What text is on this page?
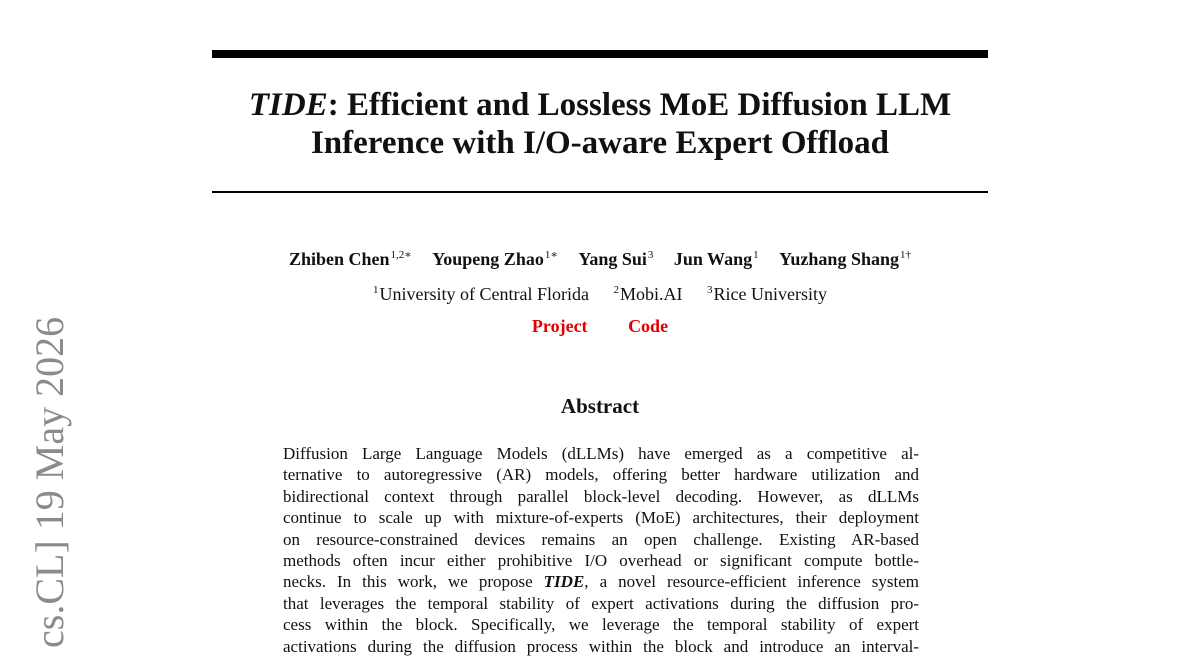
TIDE: Efficient and Lossless MoE Diffusion LLM
Inference with I/O-aware Expert Offload
Zhiben Chen$^{1,2∗}$ Youpeng Zhao$^{1∗}$ Yang Sui$^3$ Jun Wang$^1$ Yuzhang Shang$^{1\dagger}$
$^1$University of Central Florida $^2$Mobi.AI $^3$Rice University
Project Code
Abstract
Diffusion Large Language Models (dLLMs) have emerged as a competitive al-
ternative to autoregressive (AR) models, offering better hardware utilization and
bidirectional context through parallel block-level decoding. However, as dLLMs
continue to scale up with mixture-of-experts (MoE) architectures, their deployment
on resource-constrained devices remains an open challenge. Existing AR-based
methods often incur either prohibitive I/O overhead or significant compute bottle-
necks. In this work, we propose TIDE, a novel resource-efficient inference system
that leverages the temporal stability of expert activations during the diffusion pro-
cess within the block. Specifically, we leverage the temporal stability of expert
activations during the diffusion process within the block and introduce an interval-
cs.CL] 19 May 2026
